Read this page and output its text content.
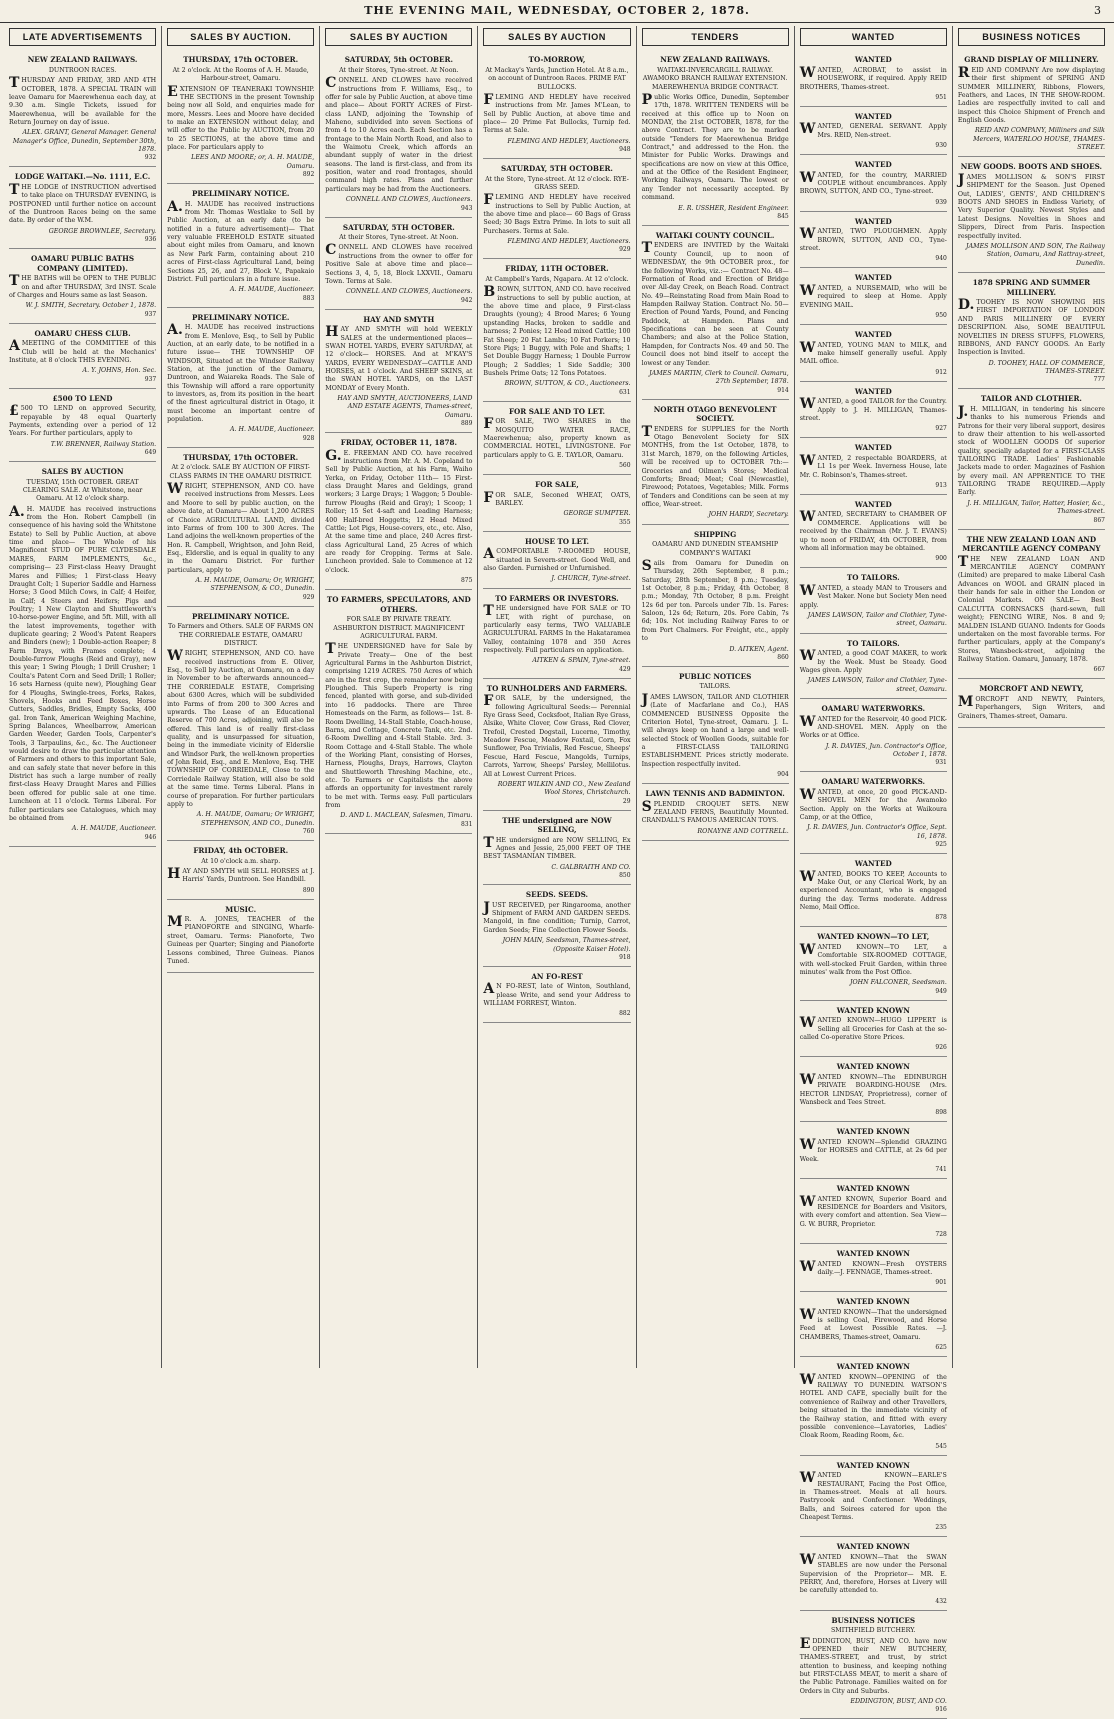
THE EVENING MAIL, WEDNESDAY, OCTOBER 2, 1878.	3
LATE ADVERTISEMENTS
NEW ZEALAND RAILWAYS.
DUNTROON RACES.
THURSDAY AND FRIDAY, 3RD AND 4TH OCTOBER, 1878. A SPECIAL TRAIN will leave Oamaru for Maerewhenua each day, at 9.30 a.m. Single Tickets, issued for Maerewhenua, will be available for the Return Journey on day of issue.
ALEX. GRANT, General Manager. General Manager's Office, Dunedin, September 30th, 1878.
932
LODGE WAITAKI.—No. 1111, E.C.
THE LODGE of INSTRUCTION advertised to take place on THURSDAY EVENING, is POSTPONED until further notice on account of the Duntroon Races being on the same date. By order of the W.M.
GEORGE BROWNLEE, Secretary.
936
OAMARU PUBLIC BATHS COMPANY (LIMITED).
THE BATHS will be OPEN to THE PUBLIC on and after THURSDAY, 3rd INST. Scale of Charges and Hours same as last Season.
W. J. SMITH, Secretary. October 1, 1878.
937
OAMARU CHESS CLUB.
AMEETING of the COMMITTEE of this Club will be held at the Mechanics' Institute, at 8 o'clock THIS EVENING.
A. Y. JOHNS, Hon. Sec.
937
£500 TO LEND
£500 TO LEND on approved Security, repayable by 48 equal Quarterly Payments, extending over a period of 12 Years. For further particulars, apply to
T.W. BRENNER, Railway Station.
649
SALES BY AUCTION
TUESDAY, 15th OCTOBER. GREAT CLEARING SALE. At Whitstone, near Oamaru. At 12 o'clock sharp.
A.H. MAUDE has received instructions from the Hon. Robert Campbell (in consequence of his having sold the Whitstone Estate) to Sell by Public Auction, at above time and place— The Whole of his Magnificent STUD OF PURE CLYDESDALE MARES, FARM IMPLEMENTS, &c., comprising— 23 First-class Heavy Draught Mares and Fillies; 1 First-class Heavy Draught Colt; 1 Superior Saddle and Harness Horse; 3 Good Milch Cows, in Calf; 4 Heifer, in Calf; 4 Steers and Heifers; Pigs and Poultry; 1 New Clayton and Shuttleworth's 10-horse-power Engine, and 5ft. Mill, with all the latest improvements, together with duplicate gearing; 2 Wood's Patent Reapers and Binders (new); 1 Double-action Reaper; 8 Farm Drays, with Frames complete; 4 Double-furrow Ploughs (Reid and Gray), new this year; 1 Swing Plough; 1 Drill Crusher; 1 Coulta's Patent Corn and Seed Drill; 1 Roller; 16 sets Harness (quite new), Ploughing Gear for 4 Ploughs, Swingle-trees, Forks, Rakes, Shovels, Hooks and Feed Boxes, Horse Cutters, Saddles, Bridles, Empty Sacks, 400 gal. Iron Tank, American Weighing Machine, Spring Balances, Wheelbarrow, American Garden Weeder, Garden Tools, Carpenter's Tools, 3 Tarpaulins, &c., &c. The Auctioneer would desire to draw the particular attention of Farmers and others to this important Sale, and can safely state that never before in this District has such a large number of really first-class Heavy Draught Mares and Fillies been offered for public sale at one time. Luncheon at 11 o'clock. Terms Liberal. For fuller particulars see Catalogues, which may be obtained from
A. H. MAUDE, Auctioneer.
946
SALES BY AUCTION.
THURSDAY, 17th OCTOBER.
At 2 o'clock. At the Rooms of A. H. Maude, Harbour-street, Oamaru.
EXTENSION OF TEANERAKI TOWNSHIP. THE SECTIONS in the present Township being now all Sold, and enquiries made for more, Messrs. Lees and Moore have decided to make an EXTENSION without delay, and will offer to the Public by AUCTION, from 20 to 25 SECTIONS, at the above time and place. For particulars apply to
LEES AND MOORE; or, A. H. MAUDE, Oamaru.
892
PRELIMINARY NOTICE.
A.H. MAUDE has received instructions from Mr. Thomas Westlake to Sell by Public Auction, at an early date (to be notified in a future advertisement)— That very valuable FREEHOLD ESTATE situated about eight miles from Oamaru, and known as New Park Farm, containing about 210 acres of First-class Agricultural Land, being Sections 25, 26, and 27, Block V., Papakaio District. Full particulars in a future issue.
A. H. MAUDE, Auctioneer.
883
PRELIMINARY NOTICE.
A.H. MAUDE has received instructions from E. Menlove, Esq., to Sell by Public Auction, at an early date, to be notified in a future issue— THE TOWNSHIP OF WINDSOR, Situated at the Windsor Railway Station, at the junction of the Oamaru, Duntroon, and Waiareka Roads. The Sale of this Township will afford a rare opportunity to investors, as, from its position in the heart of the finest agricultural district in Otago, it must become an important centre of population.
A. H. MAUDE, Auctioneer.
928
THURSDAY, 17th OCTOBER.
At 2 o'clock. SALE BY AUCTION OF FIRST-CLASS FARMS IN THE OAMARU DISTRICT.
WRIGHT, STEPHENSON, AND CO. have received instructions from Messrs. Lees and Moore to sell by public auction, on the above date, at Oamaru— About 1,200 ACRES of Choice AGRICULTURAL LAND, divided into Farms of from 100 to 300 Acres. The Land adjoins the well-known properties of the Hon. R. Campbell, Wrightson, and John Reid, Esq., Elderslie, and is equal in quality to any in the Oamaru District. For further particulars, apply to
A. H. MAUDE, Oamaru; Or, WRIGHT, STEPHENSON, & CO., Dunedin.
929
PRELIMINARY NOTICE.
To Farmers and Others. SALE OF FARMS ON THE CORRIEDALE ESTATE, OAMARU DISTRICT.
WRIGHT, STEPHENSON, AND CO. have received instructions from E. Oliver, Esq., to Sell by Auction, at Oamaru, on a day in November to be afterwards announced— THE CORRIEDALE ESTATE, Comprising about 6300 Acres, which will be subdivided into Farms of from 200 to 300 Acres and upwards. The Lease of an Educational Reserve of 700 Acres, adjoining, will also be offered. This land is of really first-class quality, and is unsurpassed for situation, being in the immediate vicinity of Elderslie and Windsor Park, the well-known properties of John Reid, Esq., and E. Menlove, Esq. THE TOWNSHIP OF CORRIEDALE, Close to the Corriedale Railway Station, will also be sold at the same time. Terms Liberal. Plans in course of preparation. For further particulars apply to
A. H. MAUDE, Oamaru; Or WRIGHT, STEPHENSON, AND CO., Dunedin.
760
FRIDAY, 4th OCTOBER.
At 10 o'clock a.m. sharp.
HAY AND SMYTH will SELL HORSES at J. Harris' Yards, Duntroon. See Handbill.
890
MUSIC.
MR. A. JONES, TEACHER of the PIANOFORTE and SINGING, Wharfe-street, Oamaru. Terms: Pianoforte, Two Guineas per Quarter; Singing and Pianoforte Lessons combined, Three Guineas. Pianos Tuned.
SALES BY AUCTION
SATURDAY, 5th OCTOBER.
At their Stores, Tyne-street. At Noon.
CONNELL AND CLOWES have received instructions from F. Williams, Esq., to offer for sale by Public Auction, at above time and place— About FORTY ACRES of First-class LAND, adjoining the Township of Maheno, subdivided into seven Sections of from 4 to 10 Acres each. Each Section has a frontage to the Main North Road, and also to the Waimotu Creek, which affords an abundant supply of water in the driest seasons. The land is first-class, and from its position, water and road frontages, should command high rates. Plans and further particulars may be had from the Auctioneers.
CONNELL AND CLOWES, Auctioneers.
943
SATURDAY, 5TH OCTOBER.
At their Stores, Tyne-street. At Noon.
CONNELL AND CLOWES have received instructions from the owner to offer for Positive Sale at above time and place— Sections 3, 4, 5, 18, Block LXXVII., Oamaru Town. Terms at Sale.
CONNELL AND CLOWES, Auctioneers.
942
HAY AND SMYTH
HAY AND SMYTH will hold WEEKLY SALES at the undermentioned places— SWAN HOTEL YARDS, EVERY SATURDAY, at 12 o'clock— HORSES. And at M'KAY'S YARDS, EVERY WEDNESDAY—CATTLE AND HORSES, at 1 o'clock. And SHEEP SKINS, at the SWAN HOTEL YARDS, on the LAST MONDAY of Every Month.
HAY AND SMYTH, AUCTIONEERS, LAND AND ESTATE AGENTS, Thames-street, Oamaru.
889
FRIDAY, OCTOBER 11, 1878.
G.E. FREEMAN AND CO. have received instructions from Mr. A. M. Copeland to Sell by Public Auction, at his Farm, Waiho Yerka, on Friday, October 11th— 15 First-class Draught Mares and Geldings, grand workers; 3 Large Drays; 1 Waggon; 5 Double-furrow Ploughs (Reid and Gray); 1 Scoop; 1 Roller; 15 Set 4-saft and Leading Harness; 400 Half-bred Hoggetts; 12 Head Mixed Cattle; Lot Pigs, House-covers, etc., etc. Also, At the same time and place, 240 Acres first-class Agricultural Land, 25 Acres of which are ready for Cropping. Terms at Sale. Luncheon provided. Sale to Commence at 12 o'clock.
875
TO FARMERS, SPECULATORS, AND OTHERS.
FOR SALE BY PRIVATE TREATY. ASHBURTON DISTRICT. MAGNIFICENT AGRICULTURAL FARM.
THE UNDERSIGNED have for Sale by Private Treaty— One of the best Agricultural Farms in the Ashburton District, comprising 1219 ACRES. 750 Acres of which are in the first crop, the remainder now being Ploughed. This Superb Property is ring fenced, planted with gorse, and sub-divided into 16 paddocks. There are Three Homesteads on the Farm, as follows— 1st. 8-Room Dwelling, 14-Stall Stable, Coach-house, Barns, and Cottage, Concrete Tank, etc. 2nd. 6-Room Dwelling and 4-Stall Stable. 3rd. 3-Room Cottage and 4-Stall Stable. The whole of the Working Plant, consisting of Horses, Harness, Ploughs, Drays, Harrows, Clayton and Shuttleworth Threshing Machine, etc., etc. To Farmers or Capitalists the above affords an opportunity for investment rarely to be met with. Terms easy. Full particulars from
D. AND L. MACLEAN, Salesmen, Timaru.
831
SALES BY AUCTION
TO-MORROW,
At Mackay's Yards, Junction Hotel. At 8 a.m., on account of Duntroon Races. PRIME FAT BULLOCKS.
FLEMING AND HEDLEY have received instructions from Mr. James M'Lean, to Sell by Public Auction, at above time and place— 20 Prime Fat Bullocks, Turnip fed. Terms at Sale.
FLEMING AND HEDLEY, Auctioneers.
948
SATURDAY, 5TH OCTOBER.
At the Store, Tyne-street. At 12 o'clock. RYE-GRASS SEED.
FLEMING AND HEDLEY have received instructions to Sell by Public Auction, at the above time and place— 60 Bags of Grass Seed; 30 Bags Extra Prime. In lots to suit all Purchasers. Terms at Sale.
FLEMING AND HEDLEY, Auctioneers.
929
FRIDAY, 11TH OCTOBER.
At Campbell's Yards, Ngapara. At 12 o'clock.
BROWN, SUTTON, AND CO. have received instructions to sell by public auction, at the above time and place, 9 First-class Draughts (young); 4 Brood Mares; 6 Young upstanding Hacks, broken to saddle and harness; 2 Ponies; 12 Head mixed Cattle; 100 Fat Sheep; 20 Fat Lambs; 10 Fat Porkers; 10 Store Pigs; 1 Buggy, with Pole and Shafts; 1 Set Double Buggy Harness; 1 Double Furrow Plough; 2 Saddles; 1 Side Saddle; 300 Bushels Prime Oats; 12 Tons Potatoes.
BROWN, SUTTON, & CO., Auctioneers.
631
FOR SALE AND TO LET.
FOR SALE, TWO SHARES in the MOSQUITO WATER RACE, Maerewhenua; also, property known as COMMERCIAL HOTEL, LIVINGSTONE. For particulars apply to G. E. TAYLOR, Oamaru.
560
FOR SALE,
FOR SALE, Seconed WHEAT, OATS, BARLEY.
GEORGE SUMPTER.
355
HOUSE TO LET.
ACOMFORTABLE 7-ROOMED HOUSE, situated in Severn-street. Good Well, and also Garden. Furnished or Unfurnished.
J. CHURCH, Tyne-street.
TO FARMERS OR INVESTORS.
THE undersigned have FOR SALE or TO LET, with right of purchase, on particularly easy terms, TWO VALUABLE AGRICULTURAL FARMS In the Hakataramea Valley, containing 1078 and 350 Acres respectively. Full particulars on application.
AITKEN & SPAIN, Tyne-street.
429
TO RUNHOLDERS AND FARMERS.
FOR SALE, by the undersigned, the following Agricultural Seeds:— Perennial Rye Grass Seed, Cocksfoot, Italian Rye Grass, Alsike, White Clover, Cow Grass, Red Clover, Trefoil, Crested Dogstail, Lucerne, Timothy, Meadow Fescue, Meadow Foxtail, Corn, Fox Sunflower, Poa Trivialis, Red Fescue, Sheeps' Fescue, Hard Fescue, Mangolds, Turnips, Carrots, Yarrow, Sheeps' Parsley, Mellilotus. All at Lowest Current Prices.
ROBERT WILKIN AND CO., New Zealand Wool Stores, Christchurch.
29
THE undersigned are NOW SELLING,
THE undersigned are NOW SELLING, Ex Agnes and Jessie, 25,000 FEET OF THE BEST TASMANIAN TIMBER.
C. GALBRAITH AND CO.
850
SEEDS. SEEDS.
JUST RECEIVED, per Ringarooma, another Shipment of FARM AND GARDEN SEEDS. Mangold, in fine condition; Turnip, Carrot, Garden Seeds; Fine Collection Flower Seeds.
JOHN MAIN, Seedsman, Thames-street, (Opposite Kaiser Hotel).
918
AN FO-REST
AN FO-REST, late of Winton, Southland, please Write, and send your Address to WILLIAM FORREST, Winton.
882
TENDERS
NEW ZEALAND RAILWAYS.
WAITAKI-INVERCARGILL RAILWAY. AWAMOKO BRANCH RAILWAY EXTENSION. MAEREWHENUA BRIDGE CONTRACT.
Public Works Office, Dunedin, September 17th, 1878. WRITTEN TENDERS will be received at this office up to Noon on MONDAY, the 21st OCTOBER, 1878, for the above Contract. They are to be marked outside "Tenders for Maerewhenua Bridge Contract," and addressed to the Hon. the Minister for Public Works. Drawings and specifications are now on view at this Office, and at the Office of the Resident Engineer, Working Railways, Oamaru. The lowest or any Tender not necessarily accepted. By command.
E. R. USSHER, Resident Engineer.
845
WAITAKI COUNTY COUNCIL.
TENDERS are INVITED by the Waitaki County Council, up to noon of WEDNESDAY, the 9th OCTOBER prox., for the following Works, viz.:— Contract No. 48—Formation of Road and Erection of Bridge over All-day Creek, on Beach Road. Contract No. 49—Reinstating Road from Main Road to Hampden Railway Station. Contract No. 50—Erection of Pound Yards, Pound, and Fencing Paddock, at Hampden. Plans and Specifications can be seen at County Chambers; and also at the Police Station, Hampden, for Contracts Nos. 49 and 50. The Council does not bind itself to accept the lowest or any Tender.
JAMES MARTIN, Clerk to Council. Oamaru, 27th September, 1878.
914
NORTH OTAGO BENEVOLENT SOCIETY.
TENDERS for SUPPLIES for the North Otago Benevolent Society for SIX MONTHS, from the 1st October, 1878, to 31st March, 1879, on the following Articles, will be received up to OCTOBER 7th:— Groceries and Oilmen's Stores; Medical Comforts; Bread; Meat; Coal (Newcastle), Firewood; Potatoes, Vegetables; Milk. Forms of Tenders and Conditions can be seen at my office, Wear-street.
JOHN HARDY, Secretary.
SHIPPING
OAMARU AND DUNEDIN STEAMSHIP COMPANY'S WAITAKI
Sails from Oamaru for Dunedin on Thursday, 26th September, 8 p.m.; Saturday, 28th September, 8 p.m.; Tuesday, 1st October, 8 p.m.; Friday, 4th October, 8 p.m.; Monday, 7th October, 8 p.m. Freight 12s 6d per ton. Parcels under 7lb. 1s. Fares: Saloon, 12s 6d; Return, 20s. Fore Cabin, 7s 6d; 10s. Not including Railway Fares to or from Port Chalmers. For Freight, etc., apply to
D. AITKEN, Agent.
860
PUBLIC NOTICES
TAILORS.
JAMES LAWSON, TAILOR AND CLOTHIER (Late of Macfarlane and Co.), HAS COMMENCED BUSINESS Opposite the Criterion Hotel, Tyne-street, Oamaru. J. L. will always keep on hand a large and well-selected Stock of Woollen Goods, suitable for a FIRST-CLASS TAILORING ESTABLISHMENT. Prices strictly moderate. Inspection respectfully invited.
904
LAWN TENNIS AND BADMINTON.
SPLENDID CROQUET SETS. NEW ZEALAND FERNS, Beautifully Mounted. CRANDALL'S FAMOUS AMERICAN TOYS.
RONAYNE AND COTTRELL.
WANTED
WANTED
WANTED, ACROBAT, to assist in HOUSEWORK, if required. Apply REID BROTHERS, Thames-street.
951
WANTED
WANTED, GENERAL SERVANT. Apply Mrs. REID, Nen-street.
930
WANTED
WANTED, for the country, MARRIED COUPLE without encumbrances. Apply BROWN, SUTTON, AND CO., Tyne-street.
939
WANTED
WANTED, TWO PLOUGHMEN. Apply BROWN, SUTTON, AND CO., Tyne-street.
940
WANTED
WANTED, a NURSEMAID, who will be required to sleep at Home. Apply EVENING MAIL.
950
WANTED
WANTED, YOUNG MAN to MILK, and make himself generally useful. Apply MAIL office.
912
WANTED
WANTED, a good TAILOR for the Country. Apply to J. H. MILLIGAN, Thames-street.
927
WANTED
WANTED, 2 respectable BOARDERS, at L1 1s per Week. Inverness House, late Mr. C. Robinson's, Thames-street.
913
WANTED
WANTED, SECRETARY to CHAMBER OF COMMERCE. Applications will be received by the Chairman (Mr. J. T. EVANS) up to noon of FRIDAY, 4th OCTOBER, from whom all information may be obtained.
900
TO TAILORS.
WANTED, a steady MAN to Trousers and Vest Maker. None but Society Men need apply.
JAMES LAWSON, Tailor and Clothier, Tyne-street, Oamaru.
TO TAILORS.
WANTED, a good COAT MAKER, to work by the Week. Must be Steady. Good Wages given. Apply
JAMES LAWSON, Tailor and Clothier, Tyne-street, Oamaru.
OAMARU WATERWORKS.
WANTED for the Reservoir, 40 good PICK-AND-SHOVEL MEN. Apply on the Works or at Office.
J. R. DAVIES, Jun. Contractor's Office, October 1, 1878.
931
OAMARU WATERWORKS.
WANTED, at once, 20 good PICK-AND-SHOVEL MEN for the Awamoko Section. Apply on the Works at Waikoura Camp, or at the Office,
J. R. DAVIES, Jun. Contractor's Office, Sept. 16, 1878.
925
WANTED
WANTED, BOOKS TO KEEP, Accounts to Make Out, or any Clerical Work, by an experienced Accountant, who is engaged during the day. Terms moderate. Address Nemo, Mail Office.
878
WANTED KNOWN—TO LET,
WANTED KNOWN—TO LET, a Comfortable SIX-ROOMED COTTAGE, with well-stocked Fruit Garden, within three minutes' walk from the Post Office.
JOHN FALCONER, Seedsman.
949
WANTED KNOWN
WANTED KNOWN—HUGO LIPPERT is Selling all Groceries for Cash at the so-called Co-operative Store Prices.
926
WANTED KNOWN
WANTED KNOWN—The EDINBURGH PRIVATE BOARDING-HOUSE (Mrs. HECTOR LINDSAY, Proprietress), corner of Wansbeck and Tees Street.
898
WANTED KNOWN
WANTED KNOWN—Splendid GRAZING for HORSES and CATTLE, at 2s 6d per Week.
741
WANTED KNOWN
WANTED KNOWN, Superior Board and RESIDENCE for Boarders and Visitors, with every comfort and attention. Sea View—G. W. BURR, Proprietor.
728
WANTED KNOWN
WANTED KNOWN—Fresh OYSTERS daily.—J. FENNAGE, Thames-street.
901
WANTED KNOWN
WANTED KNOWN—That the undersigned is selling Coal, Firewood, and Horse Feed at Lowest Possible Rates. —J. CHAMBERS, Thames-street, Oamaru.
625
WANTED KNOWN
WANTED KNOWN—OPENING of the RAILWAY TO DUNEDIN. WATSON'S HOTEL AND CAFE, specially built for the convenience of Railway and other Travellers, being situated in the immediate vicinity of the Railway station, and fitted with every possible convenience—Lavatories, Ladies' Cloak Room, Reading Room, &c.
545
WANTED KNOWN
WANTED KNOWN—EARLE'S RESTAURANT, Facing the Post Office, in Thames-street. Meals at all hours. Pastrycook and Confectioner. Weddings, Balls, and Soirees catered for upon the Cheapest Terms.
235
WANTED KNOWN
WANTED KNOWN—That the SWAN STABLES are now under the Personal Supervision of the Proprietor— MR. E. PERRY, And, therefore, Horses at Livery will be carefully attended to.
432
BUSINESS NOTICES
SMITHFIELD BUTCHERY.
EDDINGTON, BUST, AND CO. have now OPENED their NEW BUTCHERY, THAMES-STREET, and trust, by strict attention to business, and keeping nothing but FIRST-CLASS MEAT, to merit a share of the Public Patronage. Families waited on for Orders in City and Suburbs.
EDDINGTON, BUST, AND CO.
916
BUSINESS NOTICES
GRAND DISPLAY OF MILLINERY.
REID AND COMPANY Are now displaying their first shipment of SPRING AND SUMMER MILLINERY, Ribbons, Flowers, Feathers, and Laces, IN THE SHOW-ROOM. Ladies are respectfully invited to call and inspect this Choice Shipment of French and English Goods.
REID AND COMPANY, Milliners and Silk Mercers, WATERLOO HOUSE, THAMES-STREET.
NEW GOODS. BOOTS AND SHOES.
JAMES MOLLISON & SON'S FIRST SHIPMENT for the Season. Just Opened Out, LADIES', GENTS', AND CHILDREN'S BOOTS AND SHOES in Endless Variety, of Very Superior Quality. Newest Styles and Latest Designs. Novelties in Shoes and Slippers, Direct from Paris. Inspection respectfully invited.
JAMES MOLLISON AND SON, The Railway Station, Oamaru, And Rattray-street, Dunedin.
1878 SPRING AND SUMMER MILLINERY.
D.TOOHEY IS NOW SHOWING HIS FIRST IMPORTATION OF LONDON AND PARIS MILLINERY OF EVERY DESCRIPTION. Also, SOME BEAUTIFUL NOVELTIES IN DRESS STUFFS, FLOWERS, RIBBONS, AND FANCY GOODS. An Early Inspection is Invited.
D. TOOHEY, HALL OF COMMERCE, THAMES-STREET.
777
TAILOR AND CLOTHIER.
J.H. MILLIGAN, in tendering his sincere thanks to his numerous Friends and Patrons for their very liberal support, desires to draw their attention to his well-assorted stock of WOOLLEN GOODS Of superior quality, specially adapted for a FIRST-CLASS TAILORING TRADE. Ladies' Fashionable Jackets made to order. Magazines of Fashion by every mail. AN APPRENTICE TO THE TAILORING TRADE REQUIRED.—Apply Early.
J. H. MILLIGAN, Tailor, Hatter, Hosier, &c., Thames-street.
867
THE NEW ZEALAND LOAN AND MERCANTILE AGENCY COMPANY
THE NEW ZEALAND LOAN AND MERCANTILE AGENCY COMPANY (Limited) are prepared to make Liberal Cash Advances on WOOL and GRAIN placed in their hands for sale in either the London or Colonial Markets. ON SALE— Best CALCUTTA CORNSACKS (hard-sewn, full weight); FENCING WIRE, Nos. 8 and 9; MALDEN ISLAND GUANO. Indents for Goods undertaken on the most favorable terms. For further particulars, apply at the Company's Stores, Wansbeck-street, adjoining the Railway Station. Oamaru, January, 1878.
667
MORCROFT AND NEWTY,
MORCROFT AND NEWTY, Painters, Paperhangers, Sign Writers, and Grainers, Thames-street, Oamaru.
